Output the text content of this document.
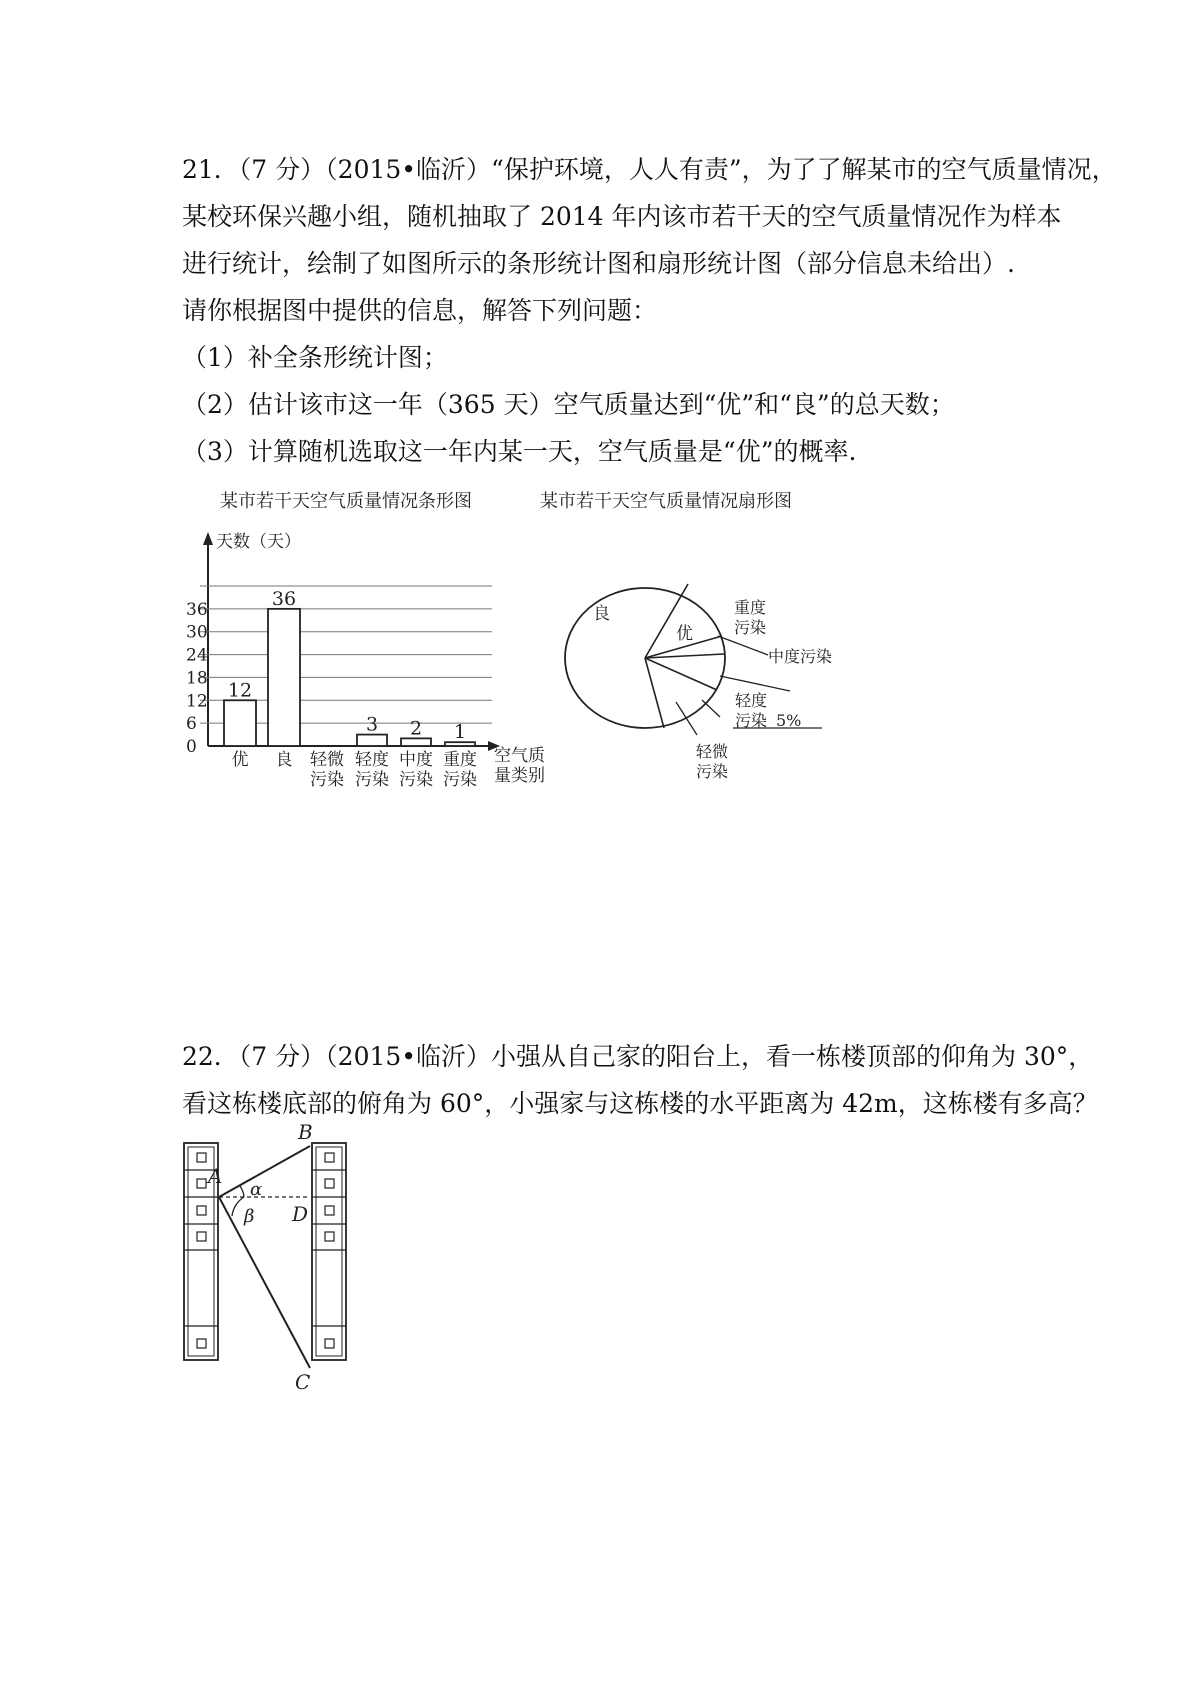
21．（7 分）（2015•临沂）“保护环境，人人有责”，为了了解某市的空气质量情况，
某校环保兴趣小组，随机抽取了 2014 年内该市若干天的空气质量情况作为样本
进行统计，绘制了如图所示的条形统计图和扇形统计图（部分信息未给出）.
请你根据图中提供的信息，解答下列问题：
（1）补全条形统计图；
（2）估计该市这一年（365 天）空气质量达到“优”和“良”的总天数；
（3）计算随机选取这一年内某一天，空气质量是“优”的概率.
某市若干天空气质量情况条形图
天数（天）
空气质
量类别
0
6
12
18
24
30
36
12
36
3 2 1
优 良 轻微
污染
轻度
污染
中度
污染
重度
污染
某市若干天空气质量情况扇形图
良
优
重度
污染
中度污染
轻度
污染 5%
轻微
污染
22．（7 分）（2015•临沂）小强从自己家的阳台上，看一栋楼顶部的仰角为 30°，
看这栋楼底部的俯角为 60°，小强家与这栋楼的水平距离为 42m，这栋楼有多高？
A
B
D
C
α
β
